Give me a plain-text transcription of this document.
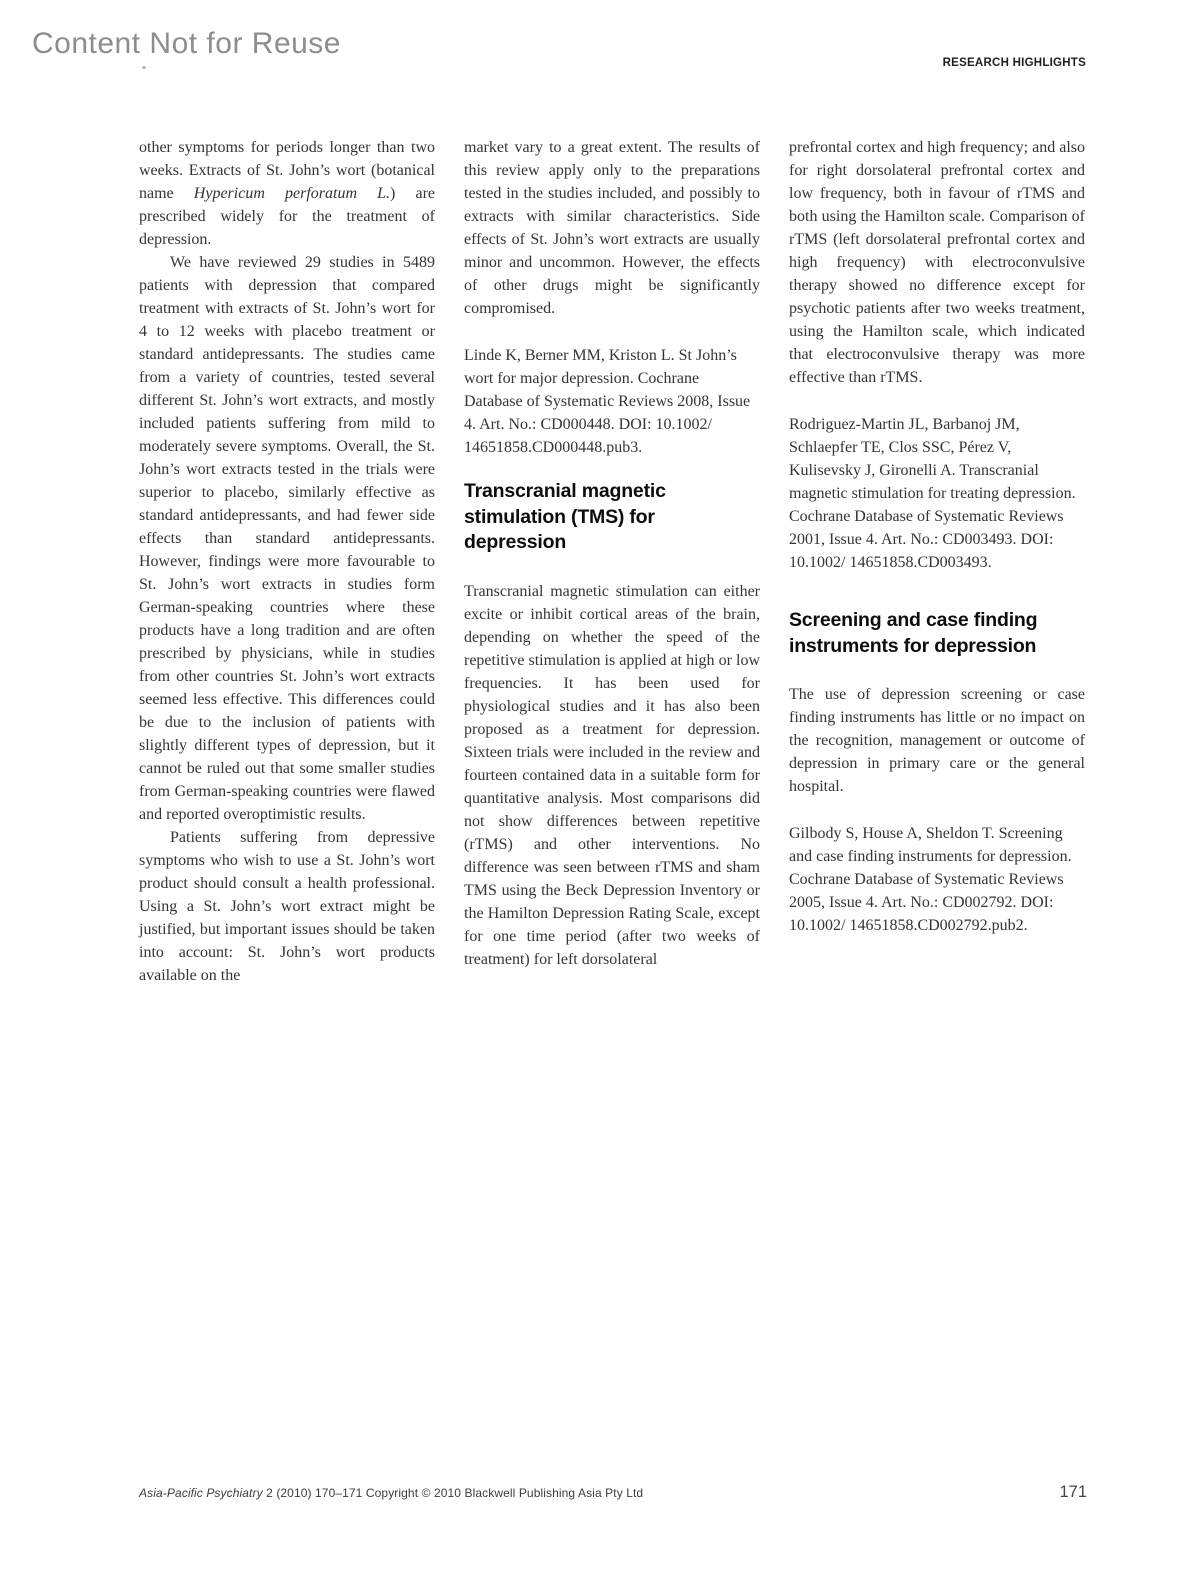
Content Not for Reuse
RESEARCH HIGHLIGHTS

other symptoms for periods longer than two weeks. Extracts of St. John’s wort (botanical name Hypericum perforatum L.) are prescribed widely for the treatment of depression.

We have reviewed 29 studies in 5489 patients with depression that compared treatment with extracts of St. John’s wort for 4 to 12 weeks with placebo treatment or standard antidepressants. The studies came from a variety of countries, tested several different St. John’s wort extracts, and mostly included patients suffering from mild to moderately severe symptoms. Overall, the St. John’s wort extracts tested in the trials were superior to placebo, similarly effective as standard antidepressants, and had fewer side effects than standard antidepressants. However, findings were more favourable to St. John’s wort extracts in studies form German-speaking countries where these products have a long tradition and are often prescribed by physicians, while in studies from other countries St. John’s wort extracts seemed less effective. This differences could be due to the inclusion of patients with slightly different types of depression, but it cannot be ruled out that some smaller studies from German-speaking countries were flawed and reported overoptimistic results.

Patients suffering from depressive symptoms who wish to use a St. John’s wort product should consult a health professional. Using a St. John’s wort extract might be justified, but important issues should be taken into account: St. John’s wort products available on the

market vary to a great extent. The results of this review apply only to the preparations tested in the studies included, and possibly to extracts with similar characteristics. Side effects of St. John’s wort extracts are usually minor and uncommon. However, the effects of other drugs might be significantly compromised.

Linde K, Berner MM, Kriston L. St John’s wort for major depression. Cochrane Database of Systematic Reviews 2008, Issue 4. Art. No.: CD000448. DOI: 10.1002/ 14651858.CD000448.pub3.

Transcranial magnetic stimulation (TMS) for depression

Transcranial magnetic stimulation can either excite or inhibit cortical areas of the brain, depending on whether the speed of the repetitive stimulation is applied at high or low frequencies. It has been used for physiological studies and it has also been proposed as a treatment for depression. Sixteen trials were included in the review and fourteen contained data in a suitable form for quantitative analysis. Most comparisons did not show differences between repetitive (rTMS) and other interventions. No difference was seen between rTMS and sham TMS using the Beck Depression Inventory or the Hamilton Depression Rating Scale, except for one time period (after two weeks of treatment) for left dorsolateral

prefrontal cortex and high frequency; and also for right dorsolateral prefrontal cortex and low frequency, both in favour of rTMS and both using the Hamilton scale. Comparison of rTMS (left dorsolateral prefrontal cortex and high frequency) with electroconvulsive therapy showed no difference except for psychotic patients after two weeks treatment, using the Hamilton scale, which indicated that electroconvulsive therapy was more effective than rTMS.

Rodriguez-Martin JL, Barbanoj JM, Schlaepfer TE, Clos SSC, Pérez V, Kulisevsky J, Gironelli A. Transcranial magnetic stimulation for treating depression. Cochrane Database of Systematic Reviews 2001, Issue 4. Art. No.: CD003493. DOI: 10.1002/ 14651858.CD003493.

Screening and case finding instruments for depression

The use of depression screening or case finding instruments has little or no impact on the recognition, management or outcome of depression in primary care or the general hospital.

Gilbody S, House A, Sheldon T. Screening and case finding instruments for depression. Cochrane Database of Systematic Reviews 2005, Issue 4. Art. No.: CD002792. DOI: 10.1002/ 14651858.CD002792.pub2.

Asia-Pacific Psychiatry 2 (2010) 170–171 Copyright © 2010 Blackwell Publishing Asia Pty Ltd	171
